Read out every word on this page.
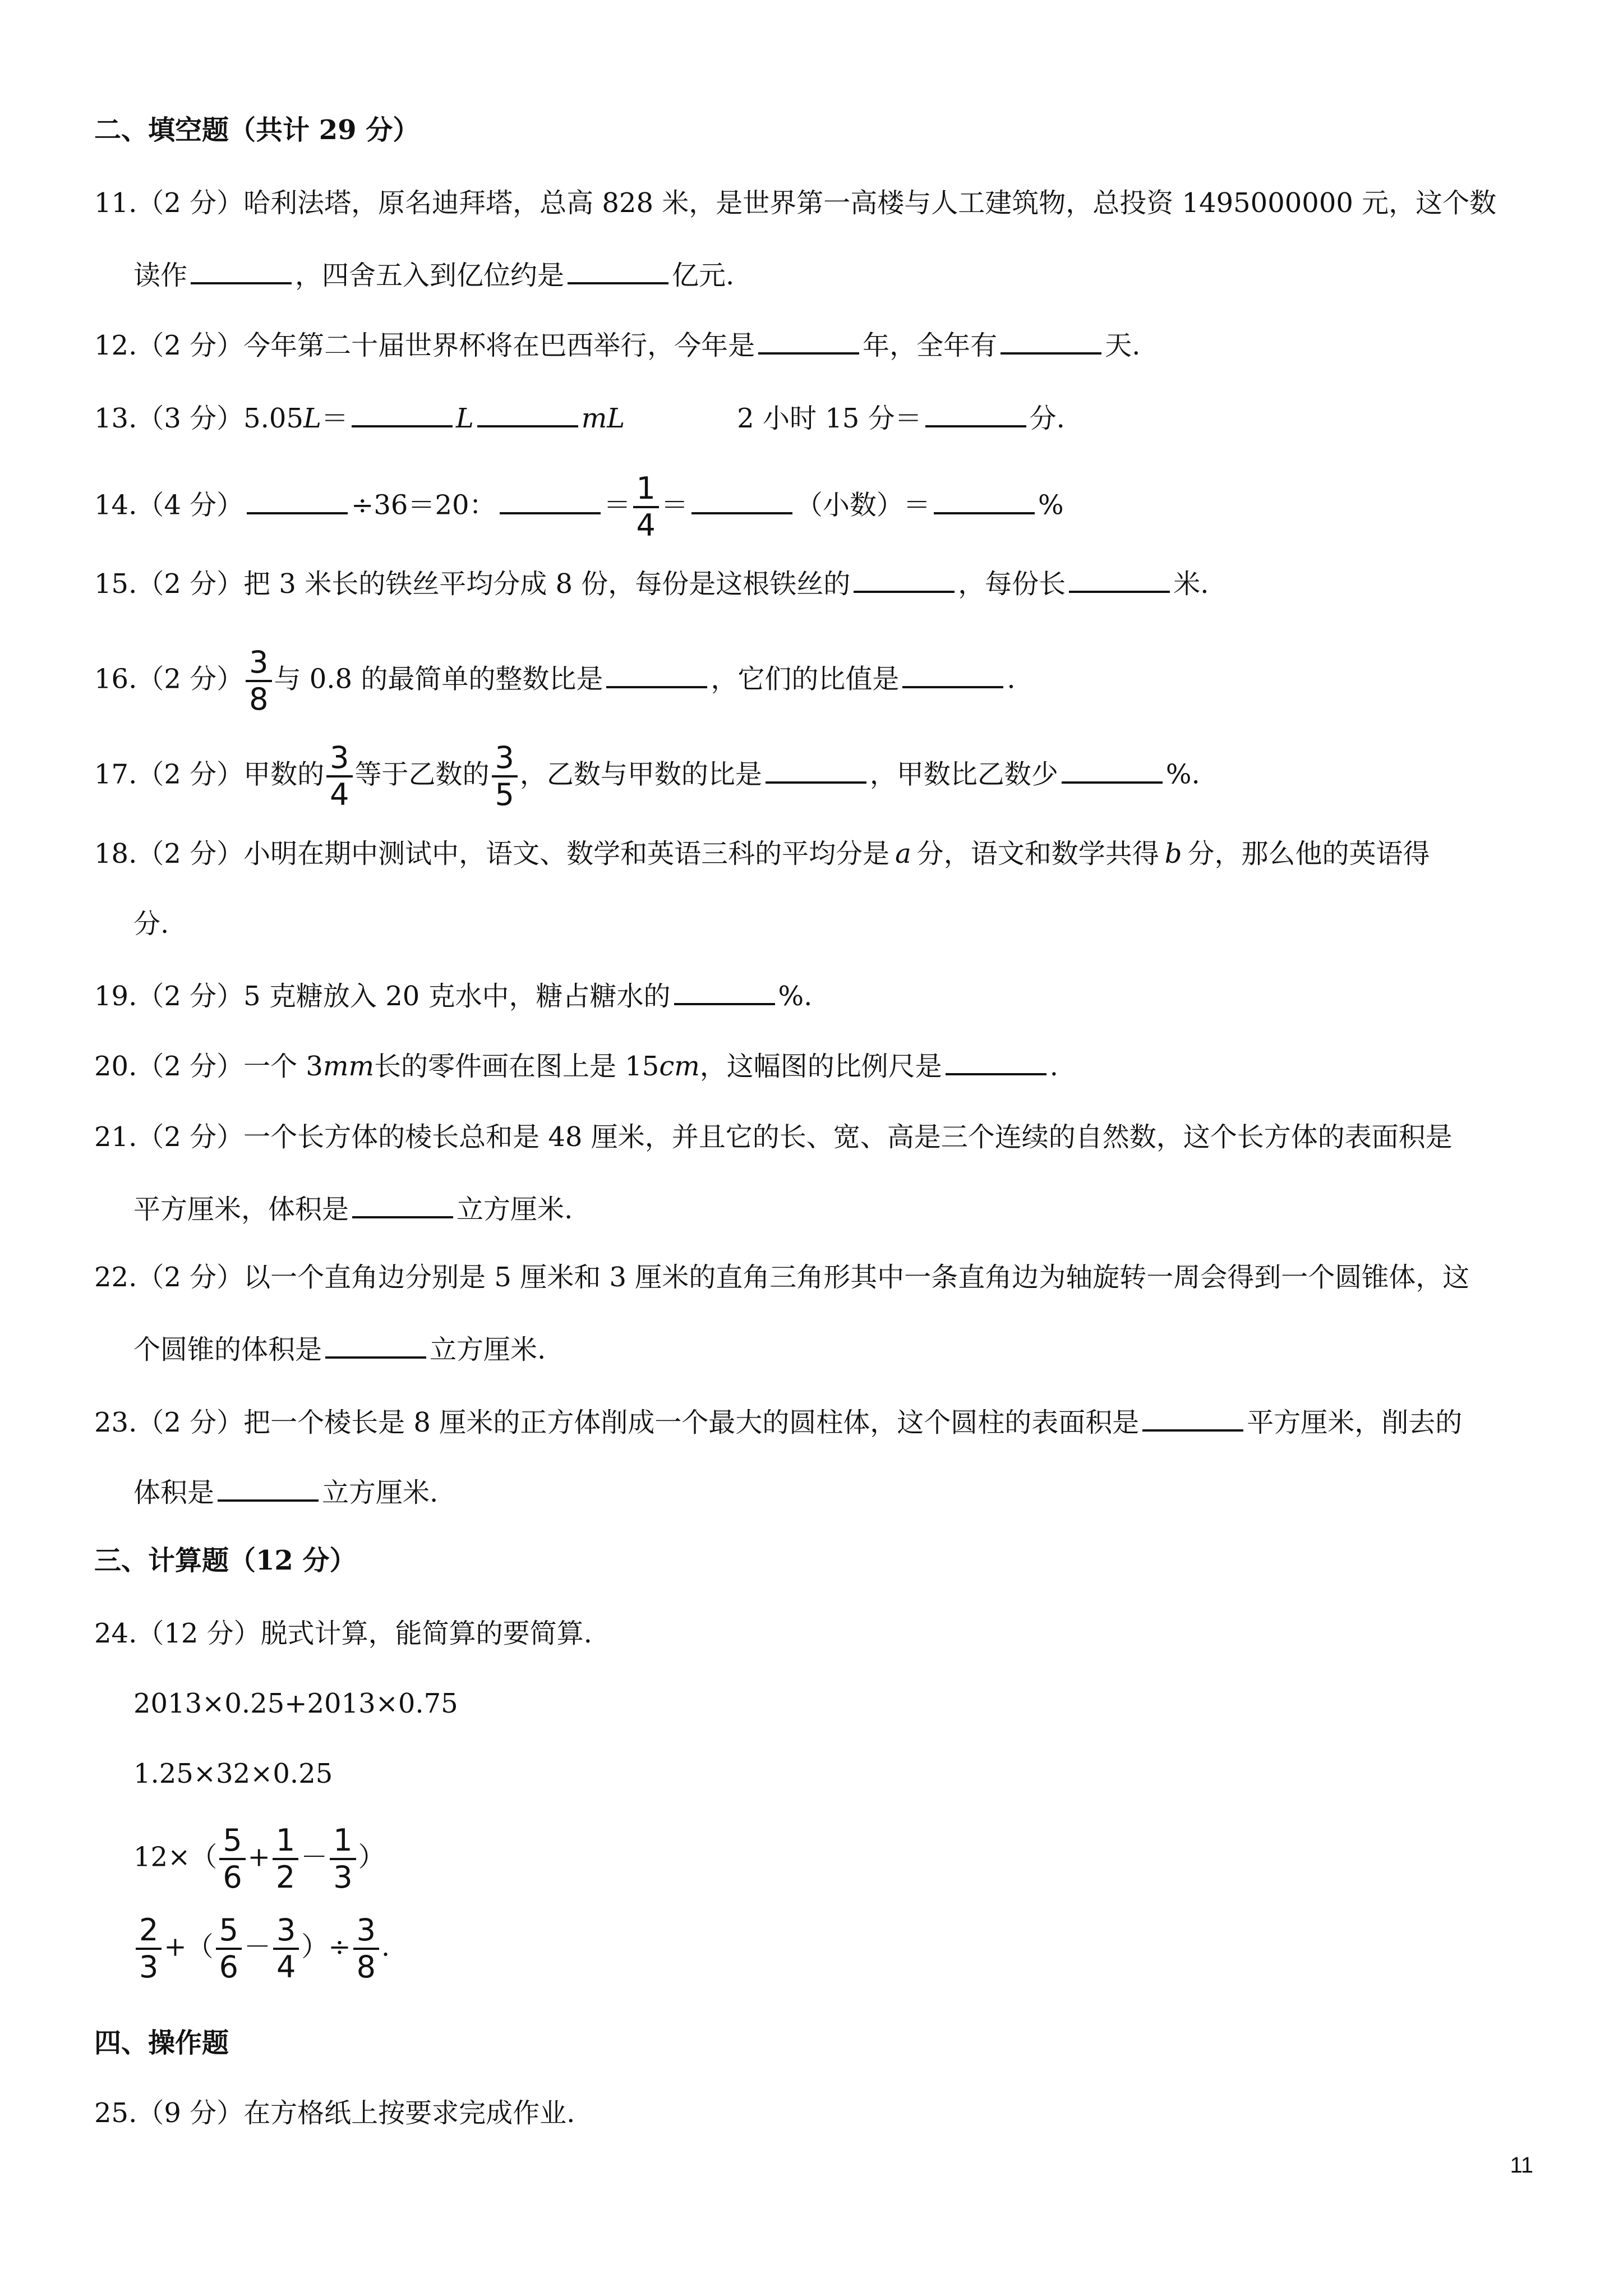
二、填空题（共计 29 分）
11.（2 分）哈利法塔，原名迪拜塔，总高 828 米，是世界第一高楼与人工建筑物，总投资 1495000000 元，这个数
读作	，四舍五入到亿位约是	亿元.
12.（2 分）今年第二十届世界杯将在巴西举行，今年是	年，全年有	天.
13.（3 分）5.05L＝	L	mL	2 小时 15 分＝	分.
14.（4 分）	÷36＝20：	＝ $\frac{1}{4}$ ＝	（小数）＝	%
15.（2 分）把 3 米长的铁丝平均分成 8 份，每份是这根铁丝的	，每份长	米.
16.（2 分） $\frac{3}{8}$ 与 0.8 的最简单的整数比是	，它们的比值是	.
17.（2 分）甲数的 $\frac{3}{4}$ 等于乙数的 $\frac{3}{5}$ ，乙数与甲数的比是	，甲数比乙数少	%.
18.（2 分）小明在期中测试中，语文、数学和英语三科的平均分是 a 分，语文和数学共得 b 分，那么他的英语得
分.
19.（2 分）5 克糖放入 20 克水中，糖占糖水的	%.
20.（2 分）一个 3mm长的零件画在图上是 15cm，这幅图的比例尺是	.
21.（2 分）一个长方体的棱长总和是 48 厘米，并且它的长、宽、高是三个连续的自然数，这个长方体的表面积是
平方厘米，体积是	立方厘米.
22.（2 分）以一个直角边分别是 5 厘米和 3 厘米的直角三角形其中一条直角边为轴旋转一周会得到一个圆锥体，这
个圆锥的体积是	立方厘米.
23.（2 分）把一个棱长是 8 厘米的正方体削成一个最大的圆柱体，这个圆柱的表面积是	平方厘米，削去的
体积是	立方厘米.
三、计算题（12 分）
24.（12 分）脱式计算，能简算的要简算.
2013×0.25+2013×0.75
1.25×32×0.25
$12\times( \frac{5}{6} + \frac{1}{2} - \frac{1}{3}$ ）
$\frac{2}{3}$ +（ $\frac{5}{6} - \frac{3}{4}$ ）÷ $\frac{3}{8}$ .
四、操作题
25.（9 分）在方格纸上按要求完成作业.
11
